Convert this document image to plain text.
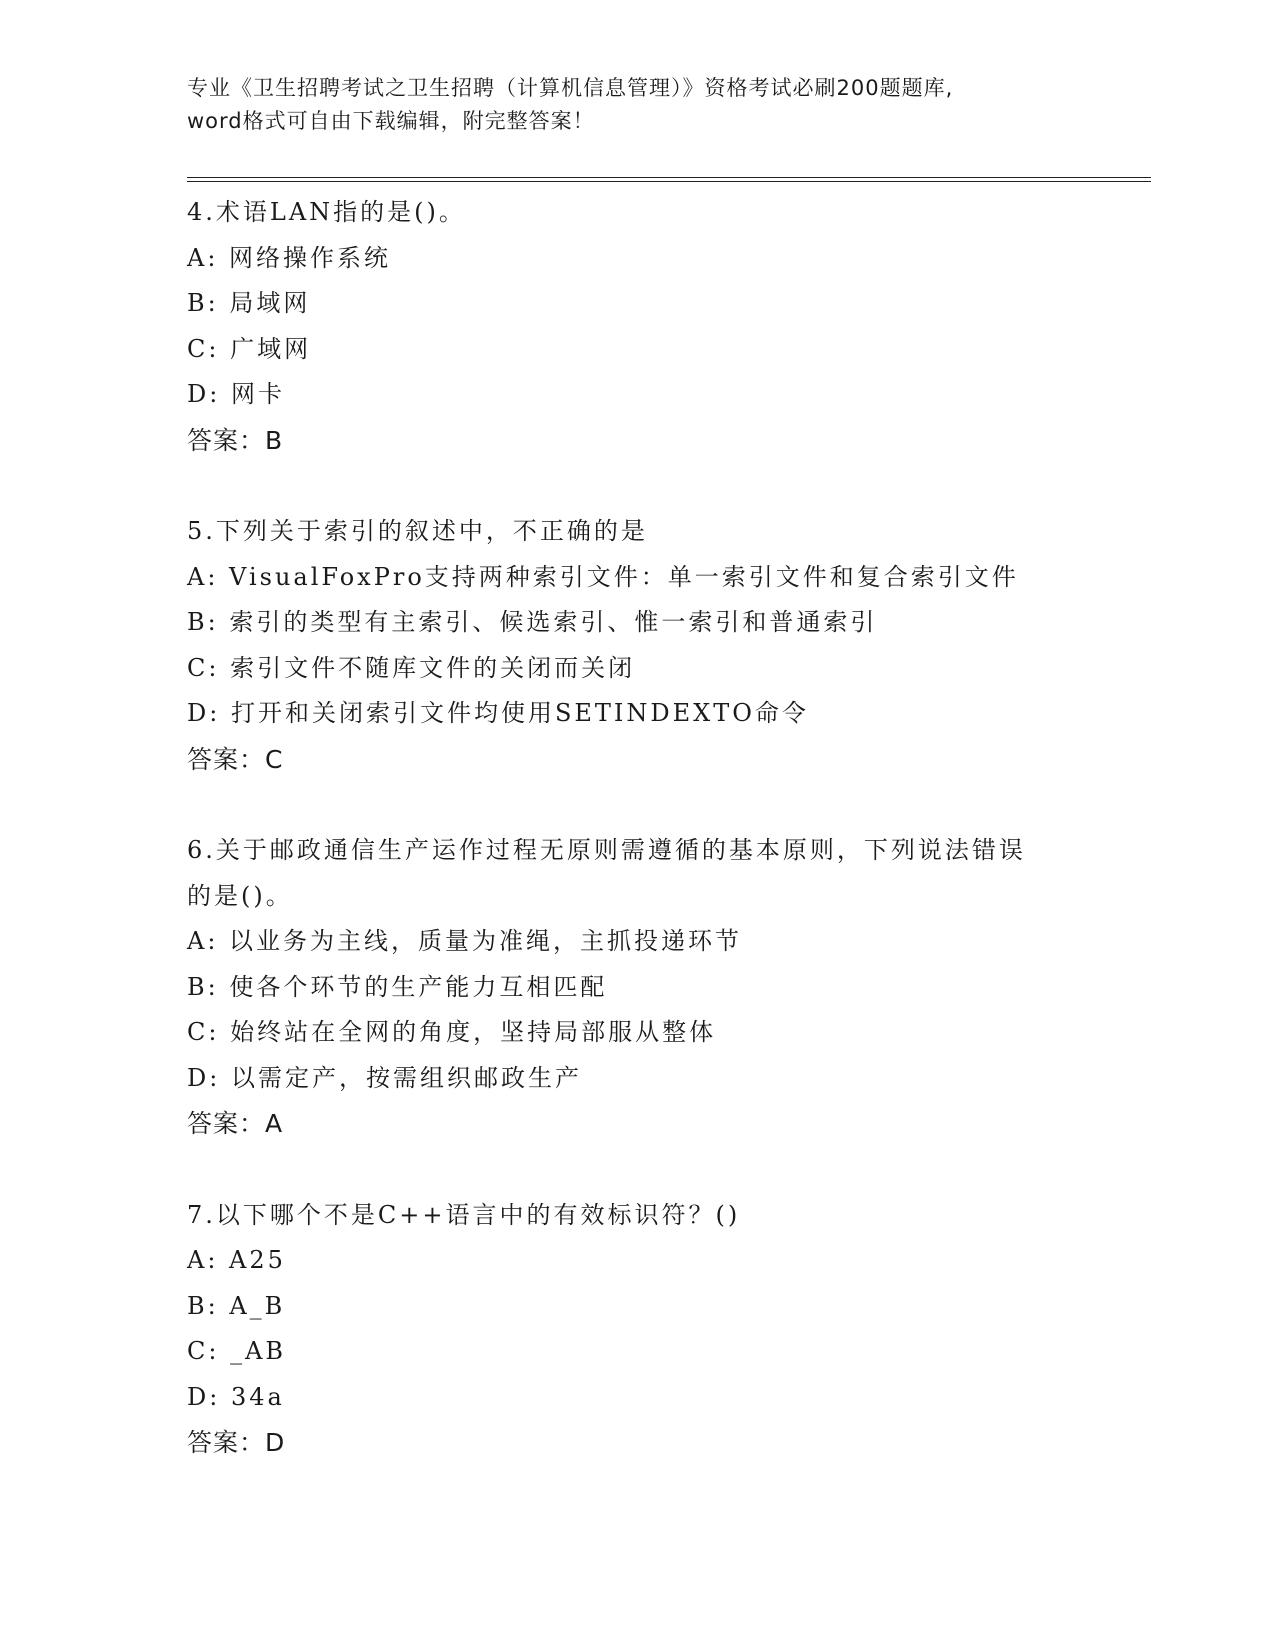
专业《卫生招聘考试之卫生招聘（计算机信息管理）》资格考试必刷200题题库,

word格式可自由下载编辑，附完整答案！

4.术语LAN指的是()。

A: 网络操作系统

B: 局域网

C: 广域网

D: 网卡

答案：B

5.下列关于索引的叙述中，不正确的是

A: VisualFoxPro支持两种索引文件：单一索引文件和复合索引文件

B: 索引的类型有主索引、候选索引、惟一索引和普通索引

C: 索引文件不随库文件的关闭而关闭

D: 打开和关闭索引文件均使用SETINDEXTO命令

答案：C

6.关于邮政通信生产运作过程无原则需遵循的基本原则，下列说法错误的是()。

A: 以业务为主线，质量为准绳，主抓投递环节

B: 使各个环节的生产能力互相匹配

C: 始终站在全网的角度，坚持局部服从整体

D: 以需定产，按需组织邮政生产

答案：A

7.以下哪个不是C++语言中的有效标识符？()

A: A25

B: A_B

C: _AB

D: 34a

答案：D
